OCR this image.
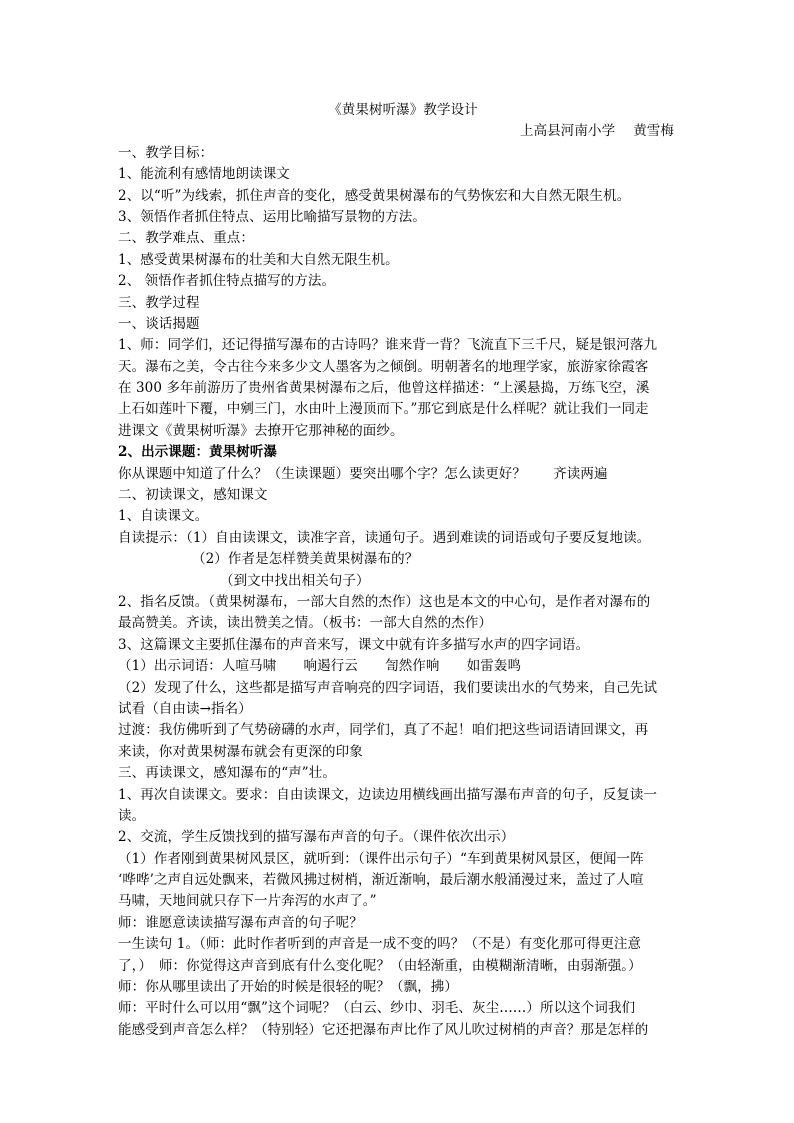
《黄果树听瀑》教学设计
上高县河南小学　 黄雪梅
一、教学目标：
1、能流利有感情地朗读课文
2、以“听”为线索，抓住声音的变化，感受黄果树瀑布的气势恢宏和大自然无限生机。
3、领悟作者抓住特点、运用比喻描写景物的方法。
二、教学难点、重点：
1、感受黄果树瀑布的壮美和大自然无限生机。
2、 领悟作者抓住特点描写的方法。
三、教学过程
一、谈话揭题
1、师：同学们，还记得描写瀑布的古诗吗？谁来背一背？飞流直下三千尺，疑是银河落九
天。瀑布之美，令古往今来多少文人墨客为之倾倒。明朝著名的地理学家，旅游家徐霞客
在 300 多年前游历了贵州省黄果树瀑布之后，他曾这样描述：“上溪悬捣，万练飞空，溪
上石如莲叶下覆，中剜三门，水由叶上漫顶而下。”那它到底是什么样呢？就让我们一同走
进课文《黄果树听瀑》去撩开它那神秘的面纱。
2、出示课题：黄果树听瀑
你从课题中知道了什么？（生读课题）要突出哪个字？怎么读更好？　　齐读两遍
二、初读课文，感知课文
1、自读课文。
自读提示：（1）自由读课文，读准字音，读通句子。遇到难读的词语或句子要反复地读。
（2）作者是怎样赞美黄果树瀑布的？
（到文中找出相关句子）
2、指名反馈。（黄果树瀑布，一部大自然的杰作）这也是本文的中心句，是作者对瀑布的
最高赞美。齐读，读出赞美之情。（板书：一部大自然的杰作）
3、这篇课文主要抓住瀑布的声音来写，课文中就有许多描写水声的四字词语。
（1）出示词语：人喧马啸　　响遏行云　　訇然作响　　如雷轰鸣
（2）发现了什么，这些都是描写声音响亮的四字词语，我们要读出水的气势来，自己先试
试看（自由读→指名）
过渡：我仿佛听到了气势磅礴的水声，同学们，真了不起！咱们把这些词语请回课文，再
来读，你对黄果树瀑布就会有更深的印象
三、再读课文，感知瀑布的“声”壮。
1、再次自读课文。要求：自由读课文，边读边用横线画出描写瀑布声音的句子，反复读一
读。
2、交流，学生反馈找到的描写瀑布声音的句子。（课件依次出示）
（1）作者刚到黄果树风景区，就听到：（课件出示句子）“车到黄果树风景区，便闻一阵
‘哗哗’之声自远处飘来，若微风拂过树梢，渐近渐响，最后潮水般涌漫过来，盖过了人喧
马啸，天地间就只存下一片奔泻的水声了。”
师：谁愿意读读描写瀑布声音的句子呢？
一生读句 1。（师：此时作者听到的声音是一成不变的吗？（不是）有变化那可得更注意
了，）　师：你觉得这声音到底有什么变化呢？（由轻渐重，由模糊渐清晰，由弱渐强。）
师：你从哪里读出了开始的时候是很轻的呢？（飘，拂）
师：平时什么可以用“飘”这个词呢？（白云、纱巾、羽毛、灰尘……）所以这个词我们
能感受到声音怎么样？（特别轻）它还把瀑布声比作了风儿吹过树梢的声音？那是怎样的
